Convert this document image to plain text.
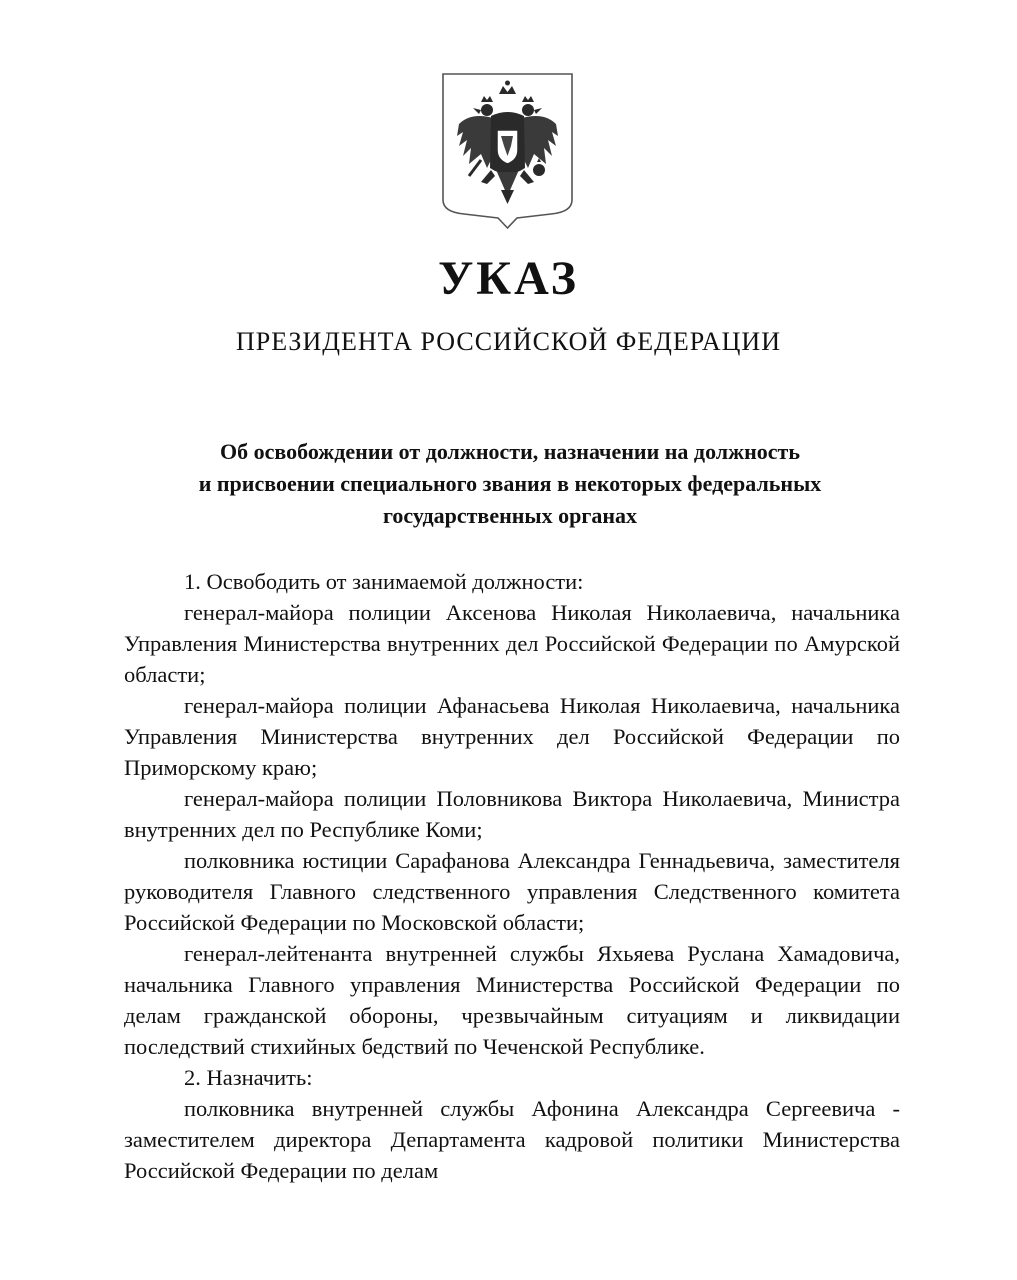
УКАЗ
ПРЕЗИДЕНТА РОССИЙСКОЙ ФЕДЕРАЦИИ
Об освобождении от должности, назначении на должность
и присвоении специального звания в некоторых федеральных
государственных органах

1. Освободить от занимаемой должности:

генерал-майора полиции Аксенова Николая Николаевича, начальника Управления Министерства внутренних дел Российской Федерации по Амурской области;

генерал-майора полиции Афанасьева Николая Николаевича, начальника Управления Министерства внутренних дел Российской Федерации по Приморскому краю;

генерал-майора полиции Половникова Виктора Николаевича, Министра внутренних дел по Республике Коми;

полковника юстиции Сарафанова Александра Геннадьевича, заместителя руководителя Главного следственного управления Следственного комитета Российской Федерации по Московской области;

генерал-лейтенанта внутренней службы Яхьяева Руслана Хамадовича, начальника Главного управления Министерства Российской Федерации по делам гражданской обороны, чрезвычайным ситуациям и ликвидации последствий стихийных бедствий по Чеченской Республике.

2. Назначить:

полковника внутренней службы Афонина Александра Сергеевича - заместителем директора Департамента кадровой политики Министерства Российской Федерации по делам
